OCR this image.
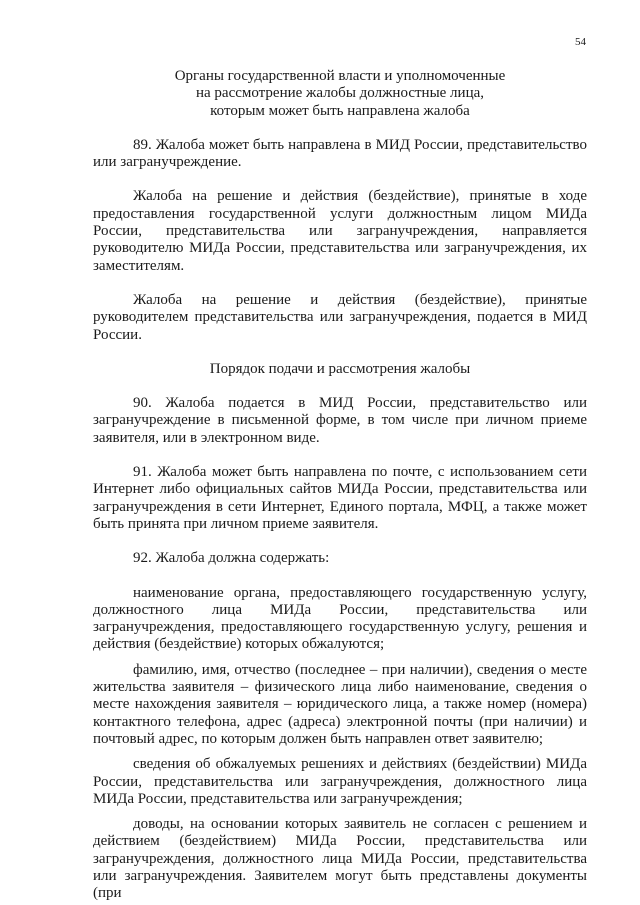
54
Органы государственной власти и уполномоченные
на рассмотрение жалобы должностные лица,
которым может быть направлена жалоба

89. Жалоба может быть направлена в МИД России, представительство или загранучреждение.

Жалоба на решение и действия (бездействие), принятые в ходе предоставления государственной услуги должностным лицом МИДа России, представительства или загранучреждения, направляется руководителю МИДа России, представительства или загранучреждения, их заместителям.

Жалоба на решение и действия (бездействие), принятые руководителем представительства или загранучреждения, подается в МИД России.

Порядок подачи и рассмотрения жалобы

90. Жалоба подается в МИД России, представительство или загранучреждение в письменной форме, в том числе при личном приеме заявителя, или в электронном виде.

91. Жалоба может быть направлена по почте, с использованием сети Интернет либо официальных сайтов МИДа России, представительства или загранучреждения в сети Интернет, Единого портала, МФЦ, а также может быть принята при личном приеме заявителя.

92. Жалоба должна содержать:

наименование органа, предоставляющего государственную услугу, должностного лица МИДа России, представительства или загранучреждения, предоставляющего государственную услугу, решения и действия (бездействие) которых обжалуются;

фамилию, имя, отчество (последнее – при наличии), сведения о месте жительства заявителя – физического лица либо наименование, сведения о месте нахождения заявителя – юридического лица, а также номер (номера) контактного телефона, адрес (адреса) электронной почты (при наличии) и почтовый адрес, по которым должен быть направлен ответ заявителю;

сведения об обжалуемых решениях и действиях (бездействии) МИДа России, представительства или загранучреждения, должностного лица МИДа России, представительства или загранучреждения;

доводы, на основании которых заявитель не согласен с решением и действием (бездействием) МИДа России, представительства или загранучреждения, должностного лица МИДа России, представительства или загранучреждения. Заявителем могут быть представлены документы (при
